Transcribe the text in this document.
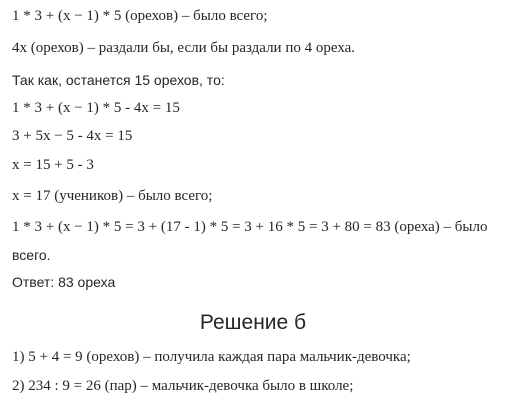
1 * 3 + (x − 1) * 5 (орехов) – было всего;

4x (орехов) – раздали бы, если бы раздали по 4 ореха.

Так как, останется 15 орехов, то:

1 * 3 + (x − 1) * 5 - 4x = 15

3 + 5x − 5 - 4x = 15

x = 15 + 5 - 3

x = 17 (учеников) – было всего;

1 * 3 + (x − 1) * 5 = 3 + (17 - 1) * 5 = 3 + 16 * 5 = 3 + 80 = 83 (ореха) – было

всего.

Ответ: 83 ореха

Решение б

1) 5 + 4 = 9 (орехов) – получила каждая пара мальчик-девочка;

2) 234 : 9 = 26 (пар) – мальчик-девочка было в школе;
